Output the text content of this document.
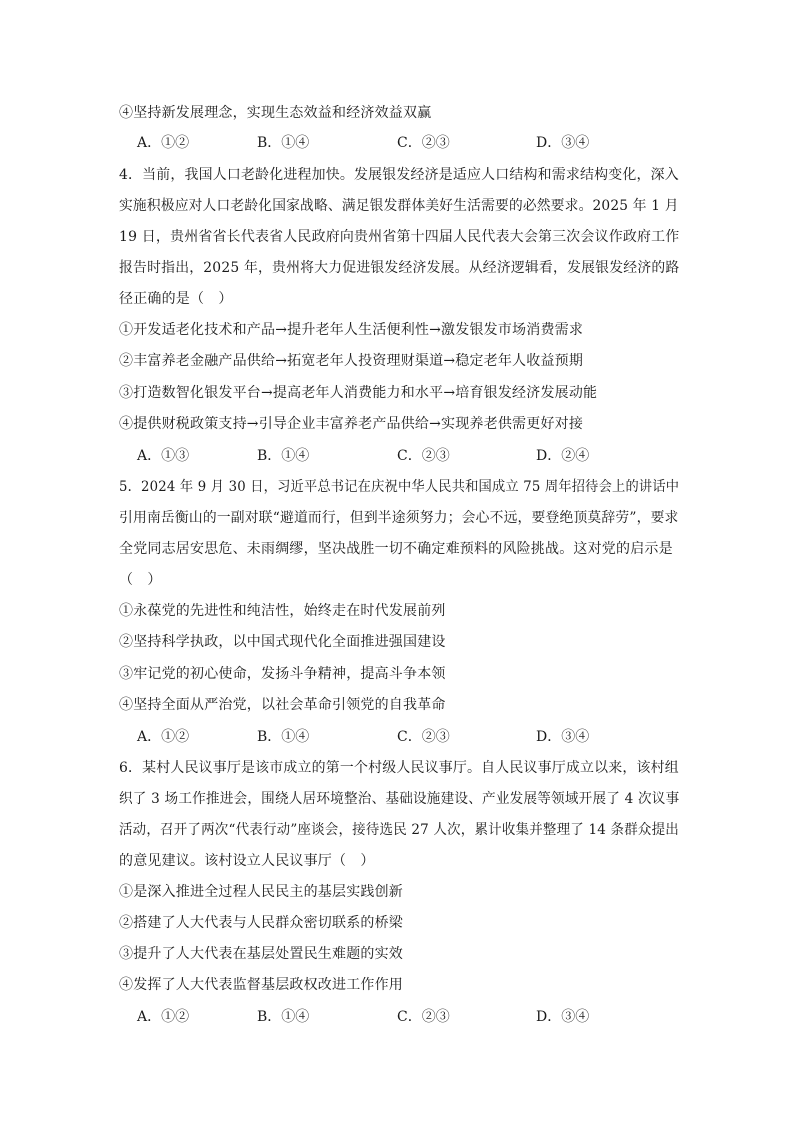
④坚持新发展理念，实现生态效益和经济效益双赢
A．①②	B．①④	C．②③	D．③④
4．当前，我国人口老龄化进程加快。发展银发经济是适应人口结构和需求结构变化，深入
实施积极应对人口老龄化国家战略、满足银发群体美好生活需要的必然要求。2025 年 1 月
19 日，贵州省省长代表省人民政府向贵州省第十四届人民代表大会第三次会议作政府工作
报告时指出，2025 年，贵州将大力促进银发经济发展。从经济逻辑看，发展银发经济的路
径正确的是（　）
①开发适老化技术和产品→提升老年人生活便利性→激发银发市场消费需求
②丰富养老金融产品供给→拓宽老年人投资理财渠道→稳定老年人收益预期
③打造数智化银发平台→提高老年人消费能力和水平→培育银发经济发展动能
④提供财税政策支持→引导企业丰富养老产品供给→实现养老供需更好对接
A．①③	B．①④	C．②③	D．②④
5．2024 年 9 月 30 日，习近平总书记在庆祝中华人民共和国成立 75 周年招待会上的讲话中
引用南岳衡山的一副对联“避道而行，但到半途须努力；会心不远，要登绝顶莫辞劳”，要求
全党同志居安思危、未雨绸缪，坚决战胜一切不确定难预料的风险挑战。这对党的启示是
（　）
①永葆党的先进性和纯洁性，始终走在时代发展前列
②坚持科学执政，以中国式现代化全面推进强国建设
③牢记党的初心使命，发扬斗争精神，提高斗争本领
④坚持全面从严治党，以社会革命引领党的自我革命
A．①②	B．①④	C．②③	D．③④
6．某村人民议事厅是该市成立的第一个村级人民议事厅。自人民议事厅成立以来，该村组
织了 3 场工作推进会，围绕人居环境整治、基础设施建设、产业发展等领域开展了 4 次议事
活动，召开了两次“代表行动”座谈会，接待选民 27 人次，累计收集并整理了 14 条群众提出
的意见建议。该村设立人民议事厅（　）
①是深入推进全过程人民民主的基层实践创新
②搭建了人大代表与人民群众密切联系的桥梁
③提升了人大代表在基层处置民生难题的实效
④发挥了人大代表监督基层政权改进工作作用
A．①②	B．①④	C．②③	D．③④
